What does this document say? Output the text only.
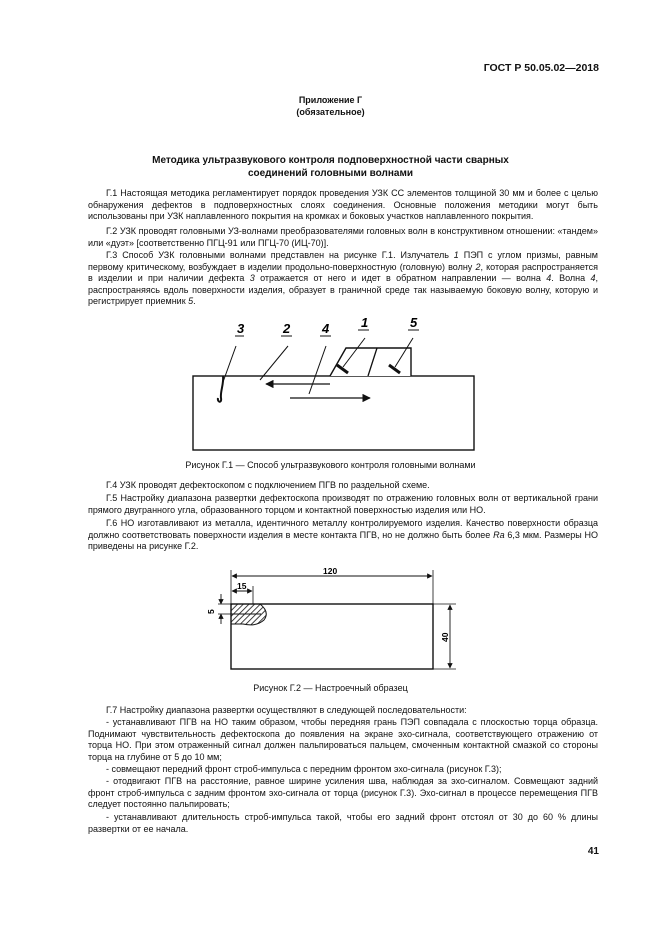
ГОСТ Р 50.05.02—2018
Приложение Г
(обязательное)
Методика ультразвукового контроля подповерхностной части сварных
соединений головными волнами

Г.1 Настоящая методика регламентирует порядок проведения УЗК СС элементов толщиной 30 мм и более с целью обнаружения дефектов в подповерхностных слоях соединения. Основные положения методики могут быть использованы при УЗК наплавленного покрытия на кромках и боковых участков наплавленного покрытия.

Г.2 УЗК проводят головными УЗ-волнами преобразователями головных волн в конструктивном отношении: «тандем» или «дуэт» [соответственно ПГЦ-91 или ПГЦ-70 (ИЦ-70)].

Г.3 Способ УЗК головными волнами представлен на рисунке Г.1. Излучатель 1 ПЭП с углом призмы, равным первому критическому, возбуждает в изделии продольно-поверхностную (головную) волну 2, которая распространяется в изделии и при наличии дефекта 3 отражается от него и идет в обратном направлении — волна 4. Волна 4, распространяясь вдоль поверхности изделия, образует в граничной среде так называемую боковую волну, которую и регистрирует приемник 5.

3	2 4 1	5
Рисунок Г.1 — Способ ультразвукового контроля головными волнами

Г.4 УЗК проводят дефектоскопом с подключением ПГВ по раздельной схеме.

Г.5 Настройку диапазона развертки дефектоскопа производят по отражению головных волн от вертикальной грани прямого двугранного угла, образованного торцом и контактной поверхностью изделия или НО.

Г.6 НО изготавливают из металла, идентичного металлу контролируемого изделия. Качество поверхности образца должно соответствовать поверхности изделия в месте контакта ПГВ, но не должно быть более Ra 6,3 мкм. Размеры НО приведены на рисунке Г.2.

120
15
40
5
Рисунок Г.2 — Настроечный образец

Г.7 Настройку диапазона развертки осуществляют в следующей последовательности:

- устанавливают ПГВ на НО таким образом, чтобы передняя грань ПЭП совпадала с плоскостью торца образца. Поднимают чувствительность дефектоскопа до появления на экране эхо-сигнала, соответствующего отражению от торца НО. При этом отраженный сигнал должен пальпироваться пальцем, смоченным контактной смазкой со стороны торца на глубине от 5 до 10 мм;

- совмещают передний фронт строб-импульса с передним фронтом эхо-сигнала (рисунок Г.3);

- отодвигают ПГВ на расстояние, равное ширине усиления шва, наблюдая за эхо-сигналом. Совмещают задний фронт строб-импульса с задним фронтом эхо-сигнала от торца (рисунок Г.3). Эхо-сигнал в процессе перемещения ПГВ следует постоянно пальпировать;

- устанавливают длительность строб-импульса такой, чтобы его задний фронт отстоял от 30 до 60 % длины развертки от ее начала.

41
